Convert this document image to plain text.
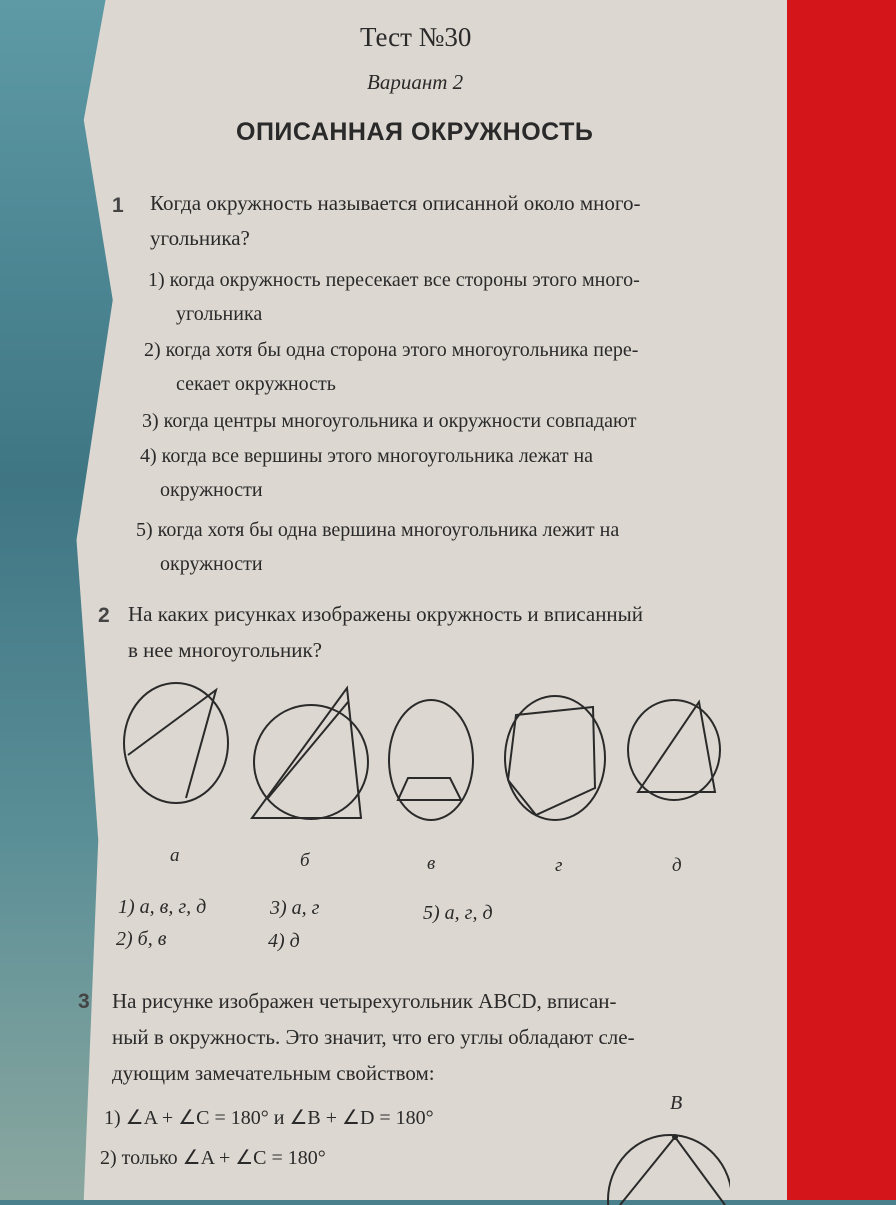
Тест №30
Вариант 2
ОПИСАННАЯ ОКРУЖНОСТЬ
1 Когда окружность называется описанной около много-
угольника?
1) когда окружность пересекает все стороны этого много-
угольника
2) когда хотя бы одна сторона этого многоугольника пере-
секает окружность
3) когда центры многоугольника и окружности совпадают
4) когда все вершины этого многоугольника лежат на
окружности
5) когда хотя бы одна вершина многоугольника лежит на
окружности
2 На каких рисунках изображены окружность и вписанный
в нее многоугольник?
а	б	в	г	д
1) а, в, г, д	3) а, г	5) а, г, д
2) б, в	4) д
3 На рисунке изображен четырехугольник ABCD, вписан-
ный в окружность. Это значит, что его углы обладают сле-
дующим замечательным свойством:
1) ∠A + ∠C = 180° и ∠B + ∠D = 180°
2) только ∠A + ∠C = 180°
B
